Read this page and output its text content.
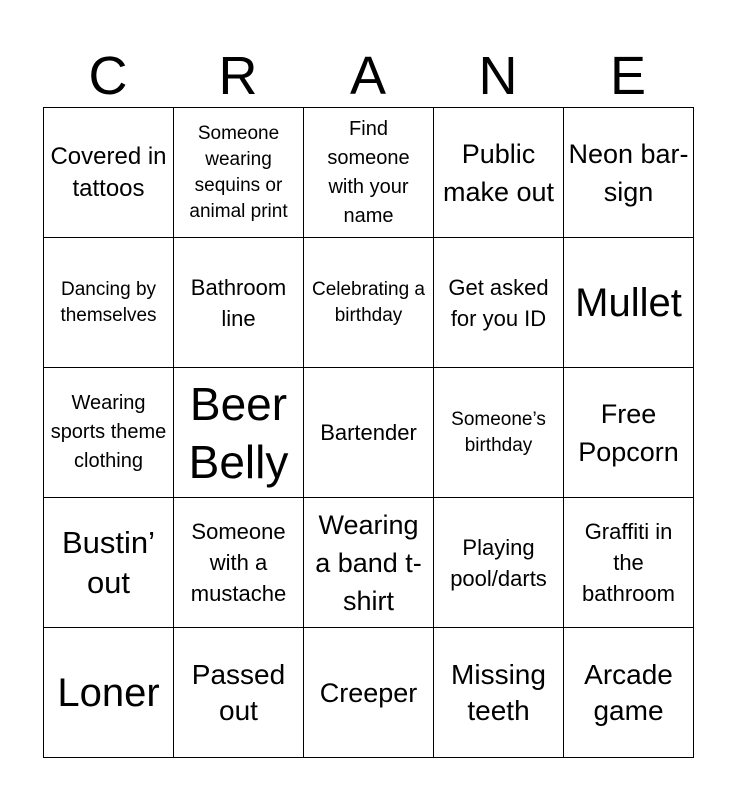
C	R	A	N	E
Covered in tattoos	Someone wearing sequins or animal print	Find someone with your name	Public make out	Neon bar-sign

Dancing by themselves	Bathroom line	Celebrating a birthday	Get asked for you ID	Mullet

Wearing sports theme clothing	Beer Belly	Bartender	Someone’s birthday	Free Popcorn

Bustin’ out	Someone with a mustache	Wearing a band t-shirt	Playing pool/darts	Graffiti in the bathroom

Loner	Passed out	Creeper	Missing teeth	Arcade game
